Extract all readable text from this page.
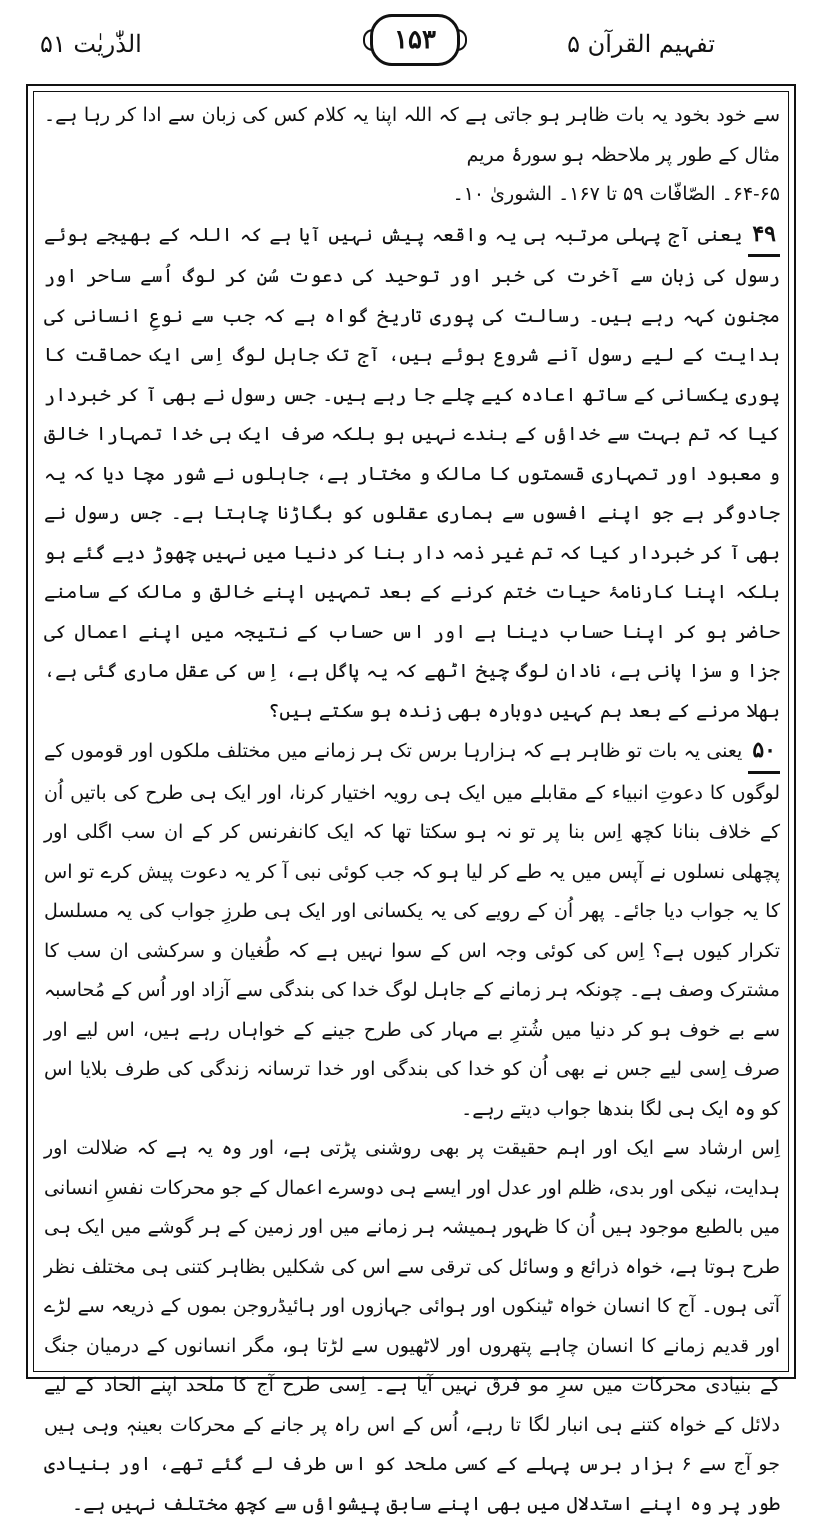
الذّٰریٰت ۵۱	۱۵۳	تفہیم القرآن ۵

سے خود بخود یہ بات ظاہر ہو جاتی ہے کہ اللہ اپنا یہ کلام کس کی زبان سے ادا کر رہا ہے۔ مثال کے طور پر ملاحظہ ہو سورۂ مریم

۶۴-۶۵۔ الصّافّات ۵۹ تا ۱۶۷۔ الشوریٰ ۱۰۔

۴۹یعنی آج پہلی مرتبہ ہی یہ واقعہ پیش نہیں آیا ہے کہ اللہ کے بھیجے ہوئے رسول کی زبان سے آخرت کی خبر اور توحید کی دعوت سُن کر لوگ اُسے ساحر اور مجنون کہہ رہے ہیں۔ رسالت کی پوری تاریخ گواہ ہے کہ جب سے نوعِ انسانی کی ہدایت کے لیے رسول آنے شروع ہوئے ہیں، آج تک جاہل لوگ اِسی ایک حماقت کا پوری یکسانی کے ساتھ اعادہ کیے چلے جا رہے ہیں۔ جس رسول نے بھی آ کر خبردار کیا کہ تم بہت سے خداؤں کے بندے نہیں ہو بلکہ صرف ایک ہی خدا تمہارا خالق و معبود اور تمہاری قسمتوں کا مالک و مختار ہے، جاہلوں نے شور مچا دیا کہ یہ جادوگر ہے جو اپنے افسوں سے ہماری عقلوں کو بگاڑنا چاہتا ہے۔ جس رسول نے بھی آ کر خبردار کیا کہ تم غیر ذمہ دار بنا کر دنیا میں نہیں چھوڑ دیے گئے ہو بلکہ اپنا کارنامۂ حیات ختم کرنے کے بعد تمہیں اپنے خالق و مالک کے سامنے حاضر ہو کر اپنا حساب دینا ہے اور اس حساب کے نتیجہ میں اپنے اعمال کی جزا و سزا پانی ہے، نادان لوگ چیخ اٹھے کہ یہ پاگل ہے، اِس کی عقل ماری گئی ہے، بھلا مرنے کے بعد ہم کہیں دوبارہ بھی زندہ ہو سکتے ہیں؟

۵۰یعنی یہ بات تو ظاہر ہے کہ ہزارہا برس تک ہر زمانے میں مختلف ملکوں اور قوموں کے لوگوں کا دعوتِ انبیاء کے مقابلے میں ایک ہی رویہ اختیار کرنا، اور ایک ہی طرح کی باتیں اُن کے خلاف بنانا کچھ اِس بنا پر تو نہ ہو سکتا تھا کہ ایک کانفرنس کر کے ان سب اگلی اور پچھلی نسلوں نے آپس میں یہ طے کر لیا ہو کہ جب کوئی نبی آ کر یہ دعوت پیش کرے تو اس کا یہ جواب دیا جائے۔ پھر اُن کے رویے کی یہ یکسانی اور ایک ہی طرزِ جواب کی یہ مسلسل تکرار کیوں ہے؟ اِس کی کوئی وجہ اس کے سوا نہیں ہے کہ طُغیان و سرکشی ان سب کا مشترک وصف ہے۔ چونکہ ہر زمانے کے جاہل لوگ خدا کی بندگی سے آزاد اور اُس کے مُحاسبہ سے بے خوف ہو کر دنیا میں شُترِ بے مہار کی طرح جینے کے خواہاں رہے ہیں، اس لیے اور صرف اِسی لیے جس نے بھی اُن کو خدا کی بندگی اور خدا ترسانہ زندگی کی طرف بلایا اس کو وہ ایک ہی لگا بندھا جواب دیتے رہے۔

اِس ارشاد سے ایک اور اہم حقیقت پر بھی روشنی پڑتی ہے، اور وہ یہ ہے کہ ضلالت اور ہدایت، نیکی اور بدی، ظلم اور عدل اور ایسے ہی دوسرے اعمال کے جو محرکات نفسِ انسانی میں بالطبع موجود ہیں اُن کا ظہور ہمیشہ ہر زمانے میں اور زمین کے ہر گوشے میں ایک ہی طرح ہوتا ہے، خواہ ذرائع و وسائل کی ترقی سے اس کی شکلیں بظاہر کتنی ہی مختلف نظر آتی ہوں۔ آج کا انسان خواہ ٹینکوں اور ہوائی جہازوں اور ہائیڈروجن بموں کے ذریعہ سے لڑے اور قدیم زمانے کا انسان چاہے پتھروں اور لاٹھیوں سے لڑتا ہو، مگر انسانوں کے درمیان جنگ کے بنیادی محرکات میں سرِ مو فرق نہیں آیا ہے۔ اِسی طرح آج کا ملحد اپنے الحاد کے لیے دلائل کے خواہ کتنے ہی انبار لگا تا رہے، اُس کے اس راہ پر جانے کے محرکات بعینہٖ وہی ہیں جو آج سے ۶ ہزار برس پہلے کے کسی ملحد کو اس طرف لے گئے تھے، اور بنیادی طور پر وہ اپنے استدلال میں بھی اپنے سابق پیشواؤں سے کچھ مختلف نہیں ہے۔
